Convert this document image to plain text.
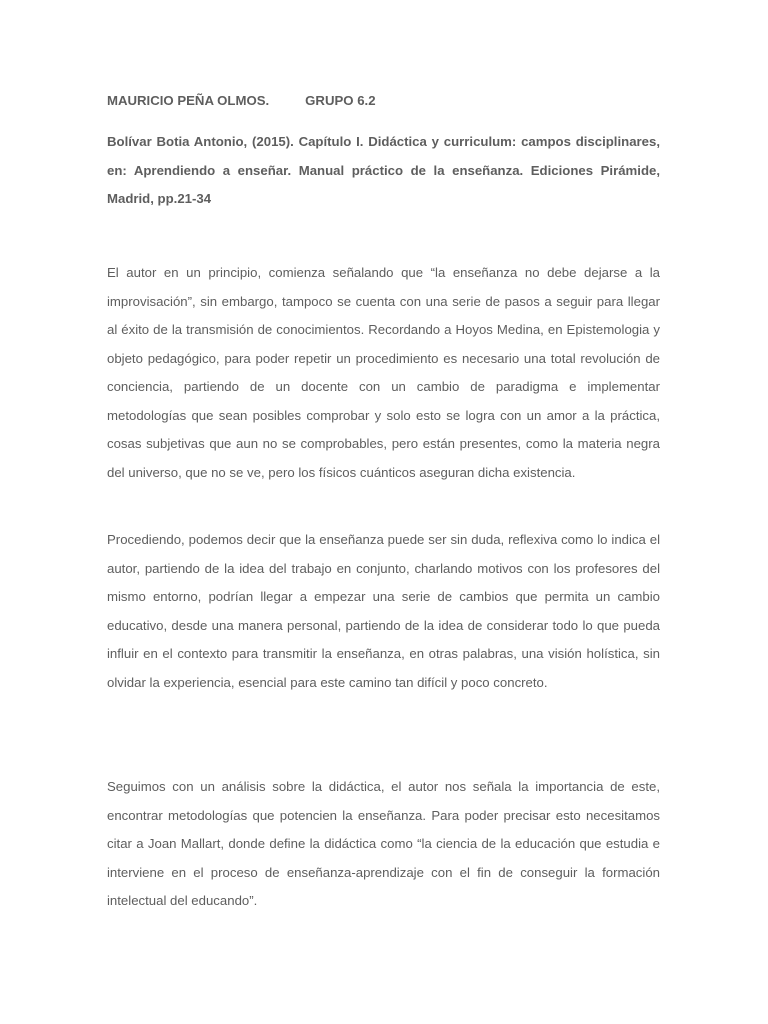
MAURICIO PEÑA OLMOS.	GRUPO 6.2
Bolívar Botia Antonio, (2015). Capítulo I. Didáctica y curriculum: campos disciplinares, en: Aprendiendo a enseñar. Manual práctico de la enseñanza. Ediciones Pirámide, Madrid, pp.21-34

El autor en un principio, comienza señalando que “la enseñanza no debe dejarse a la improvisación”, sin embargo, tampoco se cuenta con una serie de pasos a seguir para llegar al éxito de la transmisión de conocimientos. Recordando a Hoyos Medina, en Epistemologia y objeto pedagógico, para poder repetir un procedimiento es necesario una total revolución de conciencia, partiendo de un docente con un cambio de paradigma e implementar metodologías que sean posibles comprobar y solo esto se logra con un amor a la práctica, cosas subjetivas que aun no se comprobables, pero están presentes, como la materia negra del universo, que no se ve, pero los físicos cuánticos aseguran dicha existencia.

Procediendo, podemos decir que la enseñanza puede ser sin duda, reflexiva como lo indica el autor, partiendo de la idea del trabajo en conjunto, charlando motivos con los profesores del mismo entorno, podrían llegar a empezar una serie de cambios que permita un cambio educativo, desde una manera personal, partiendo de la idea de considerar todo lo que pueda influir en el contexto para transmitir la enseñanza, en otras palabras, una visión holística, sin olvidar la experiencia, esencial para este camino tan difícil y poco concreto.

Seguimos con un análisis sobre la didáctica, el autor nos señala la importancia de este, encontrar metodologías que potencien la enseñanza. Para poder precisar esto necesitamos citar a Joan Mallart, donde define la didáctica como “la ciencia de la educación que estudia e interviene en el proceso de enseñanza-aprendizaje con el fin de conseguir la formación intelectual del educando”.
